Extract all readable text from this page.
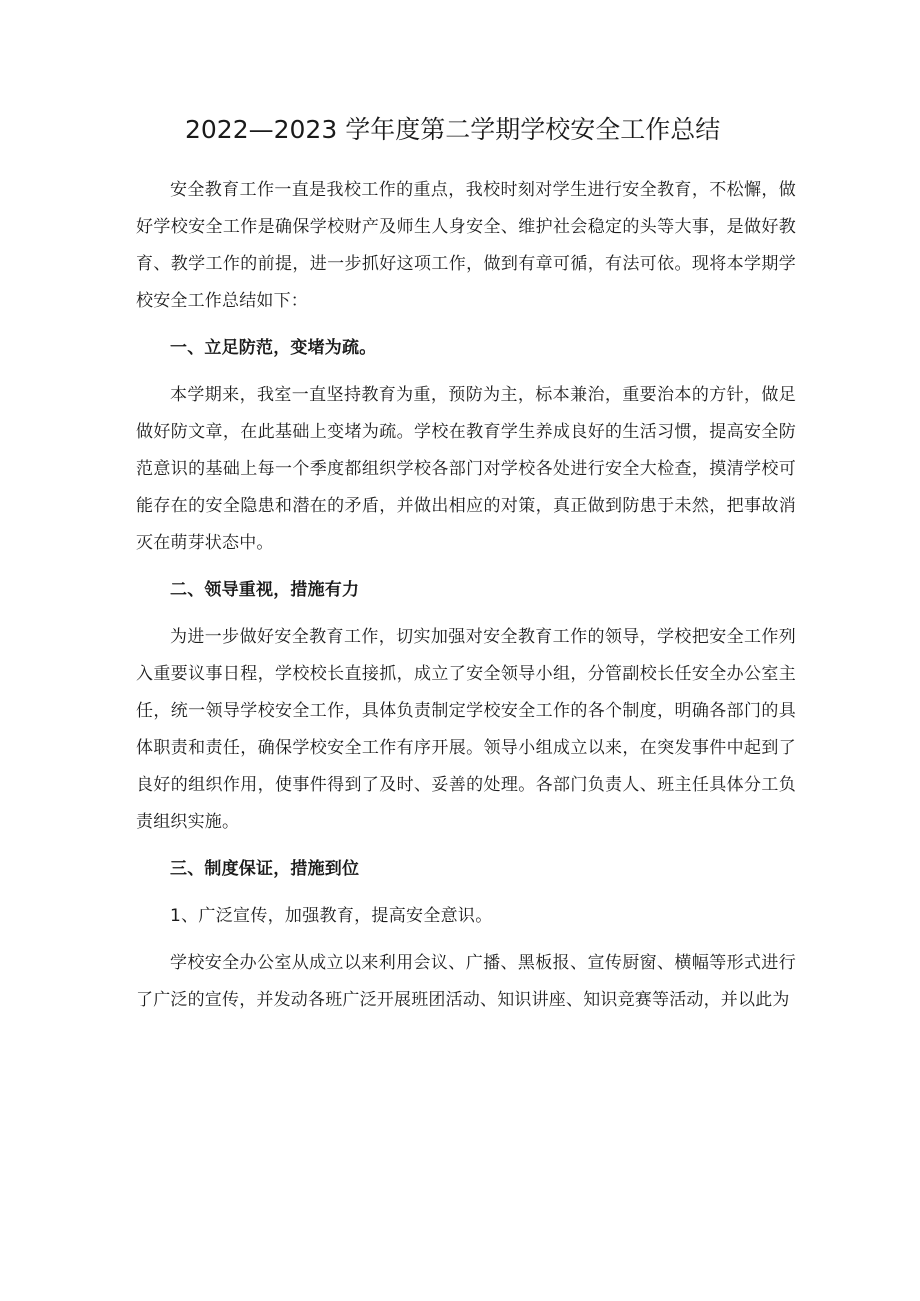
2022—2023 学年度第二学期学校安全工作总结

安全教育工作一直是我校工作的重点，我校时刻对学生进行安全教育，不松懈，做好学校安全工作是确保学校财产及师生人身安全、维护社会稳定的头等大事，是做好教育、教学工作的前提，进一步抓好这项工作，做到有章可循，有法可依。现将本学期学校安全工作总结如下：

一、立足防范，变堵为疏。

本学期来，我室一直坚持教育为重，预防为主，标本兼治，重要治本的方针，做足做好防文章，在此基础上变堵为疏。学校在教育学生养成良好的生活习惯，提高安全防范意识的基础上每一个季度都组织学校各部门对学校各处进行安全大检查，摸清学校可能存在的安全隐患和潜在的矛盾，并做出相应的对策，真正做到防患于未然，把事故消灭在萌芽状态中。

二、领导重视，措施有力

为进一步做好安全教育工作，切实加强对安全教育工作的领导，学校把安全工作列入重要议事日程，学校校长直接抓，成立了安全领导小组，分管副校长任安全办公室主任，统一领导学校安全工作，具体负责制定学校安全工作的各个制度，明确各部门的具体职责和责任，确保学校安全工作有序开展。领导小组成立以来，在突发事件中起到了良好的组织作用，使事件得到了及时、妥善的处理。各部门负责人、班主任具体分工负责组织实施。

三、制度保证，措施到位

1、广泛宣传，加强教育，提高安全意识。

学校安全办公室从成立以来利用会议、广播、黑板报、宣传厨窗、横幅等形式进行了广泛的宣传，并发动各班广泛开展班团活动、知识讲座、知识竞赛等活动，并以此为
